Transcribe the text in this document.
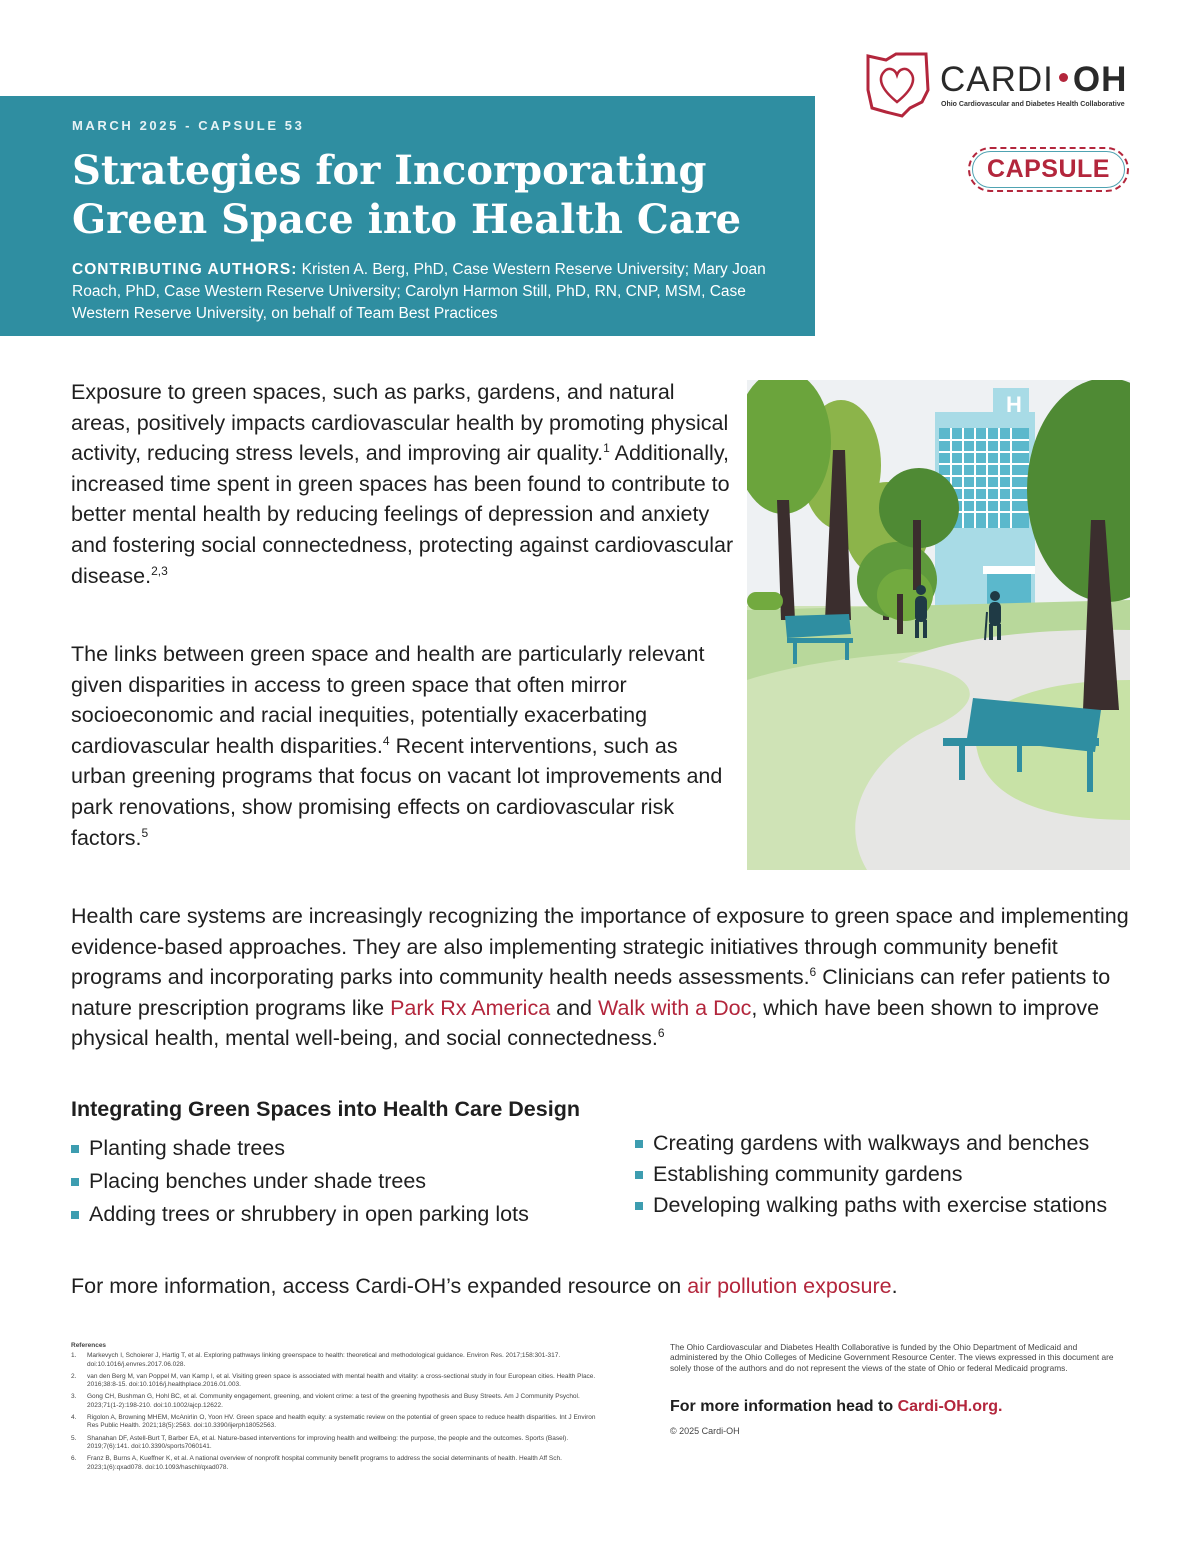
MARCH 2025 - CAPSULE 53
Strategies for Incorporating
Green Space into Health Care
CONTRIBUTING AUTHORS: Kristen A. Berg, PhD, Case Western Reserve University; Mary Joan Roach, PhD, Case Western Reserve University; Carolyn Harmon Still, PhD, RN, CNP, MSM, Case Western Reserve University, on behalf of Team Best Practices
CARDI OH
Ohio Cardiovascular and Diabetes Health Collaborative
CAPSULE

Exposure to green spaces, such as parks, gardens, and natural areas, positively impacts cardiovascular health by promoting physical activity, reducing stress levels, and improving air quality.$^1$ Additionally, increased time spent in green spaces has been found to contribute to better mental health by reducing feelings of depression and anxiety and fostering social connectedness, protecting against cardiovascular disease.$^{2,3}$

The links between green space and health are particularly relevant given disparities in access to green space that often mirror socioeconomic and racial inequities, potentially exacerbating cardiovascular health disparities.$^4$ Recent interventions, such as urban greening programs that focus on vacant lot improvements and park renovations, show promising effects on cardiovascular risk factors.$^5$

H

Health care systems are increasingly recognizing the importance of exposure to green space and implementing evidence-based approaches. They are also implementing strategic initiatives through community benefit programs and incorporating parks into community health needs assessments.$^6$ Clinicians can refer patients to nature prescription programs like Park Rx America and Walk with a Doc, which have been shown to improve physical health, mental well-being, and social connectedness.$^6$

Integrating Green Spaces into Health Care Design
Planting shade trees
Placing benches under shade trees
Adding trees or shrubbery in open parking lots
Creating gardens with walkways and benches
Establishing community gardens
Developing walking paths with exercise stations

For more information, access Cardi-OH’s expanded resource on air pollution exposure.

References
1. Markevych I, Schoierer J, Hartig T, et al. Exploring pathways linking greenspace to health: theoretical and methodological guidance. Environ Res. 2017;158:301-317. doi:10.1016/j.envres.2017.06.028.
2. van den Berg M, van Poppel M, van Kamp I, et al. Visiting green space is associated with mental health and vitality: a cross-sectional study in four European cities. Health Place. 2016;38:8-15. doi:10.1016/j.healthplace.2016.01.003.
3. Gong CH, Bushman G, Hohl BC, et al. Community engagement, greening, and violent crime: a test of the greening hypothesis and Busy Streets. Am J Community Psychol. 2023;71(1-2):198-210. doi:10.1002/ajcp.12622.
4. Rigolon A, Browning MHEM, McAnirlin O, Yoon HV. Green space and health equity: a systematic review on the potential of green space to reduce health disparities. Int J Environ Res Public Health. 2021;18(5):2563. doi:10.3390/ijerph18052563.
5. Shanahan DF, Astell-Burt T, Barber EA, et al. Nature-based interventions for improving health and wellbeing: the purpose, the people and the outcomes. Sports (Basel). 2019;7(6):141. doi:10.3390/sports7060141.
6. Franz B, Burns A, Kueffner K, et al. A national overview of nonprofit hospital community benefit programs to address the social determinants of health. Health Aff Sch. 2023;1(6):qxad078. doi:10.1093/haschl/qxad078.
The Ohio Cardiovascular and Diabetes Health Collaborative is funded by the Ohio Department of Medicaid and administered by the Ohio Colleges of Medicine Government Resource Center. The views expressed in this document are solely those of the authors and do not represent the views of the state of Ohio or federal Medicaid programs.
For more information head to Cardi-OH.org.
© 2025 Cardi-OH
